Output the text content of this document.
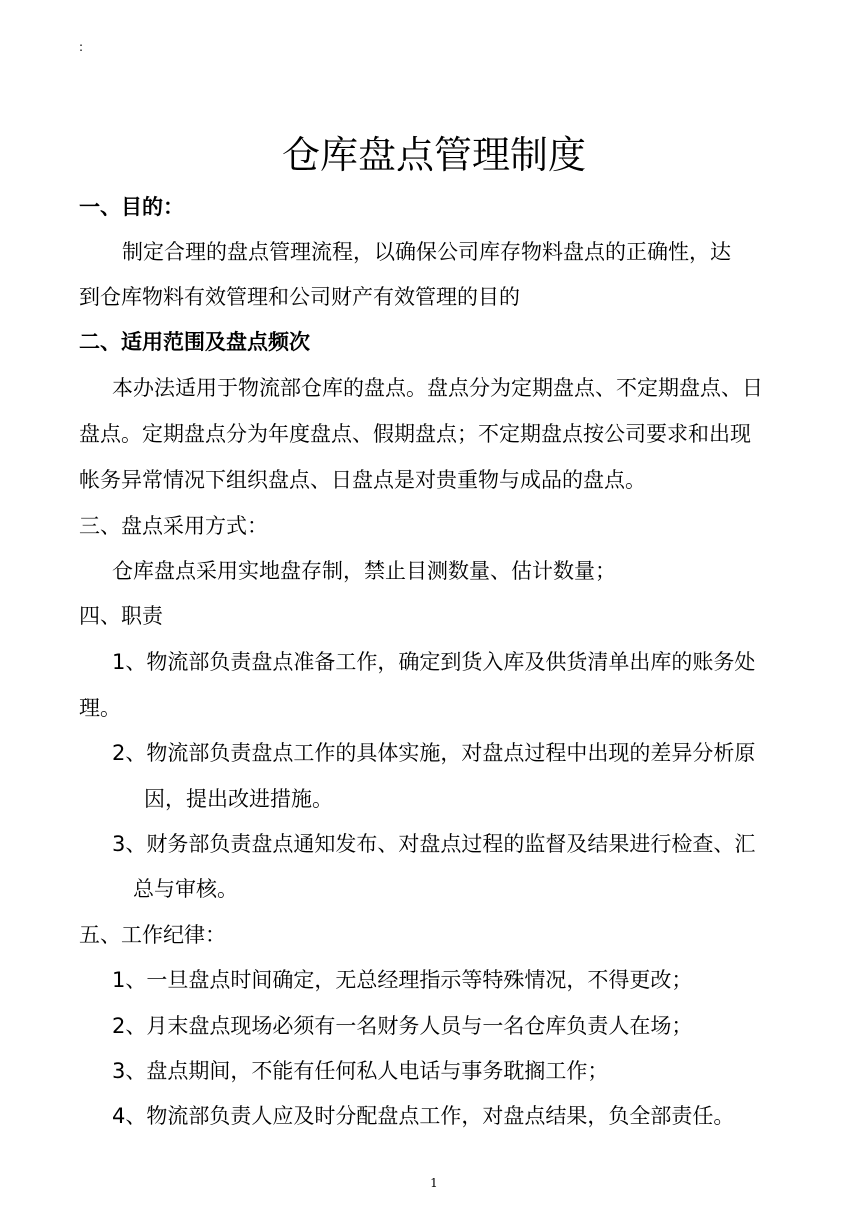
:
仓库盘点管理制度
一、目的：
制定合理的盘点管理流程，以确保公司库存物料盘点的正确性，达
到仓库物料有效管理和公司财产有效管理的目的
二、适用范围及盘点频次
本办法适用于物流部仓库的盘点。盘点分为定期盘点、不定期盘点、日
盘点。定期盘点分为年度盘点、假期盘点；不定期盘点按公司要求和出现
帐务异常情况下组织盘点、日盘点是对贵重物与成品的盘点。
三、盘点采用方式：
仓库盘点采用实地盘存制，禁止目测数量、估计数量；
四、职责
1、物流部负责盘点准备工作，确定到货入库及供货清单出库的账务处
理。
2、物流部负责盘点工作的具体实施，对盘点过程中出现的差异分析原
因，提出改进措施。
3、财务部负责盘点通知发布、对盘点过程的监督及结果进行检查、汇
总与审核。
五、工作纪律：
1、一旦盘点时间确定，无总经理指示等特殊情况，不得更改；
2、月末盘点现场必须有一名财务人员与一名仓库负责人在场；
3、盘点期间，不能有任何私人电话与事务耽搁工作；
4、物流部负责人应及时分配盘点工作，对盘点结果，负全部责任。
1
